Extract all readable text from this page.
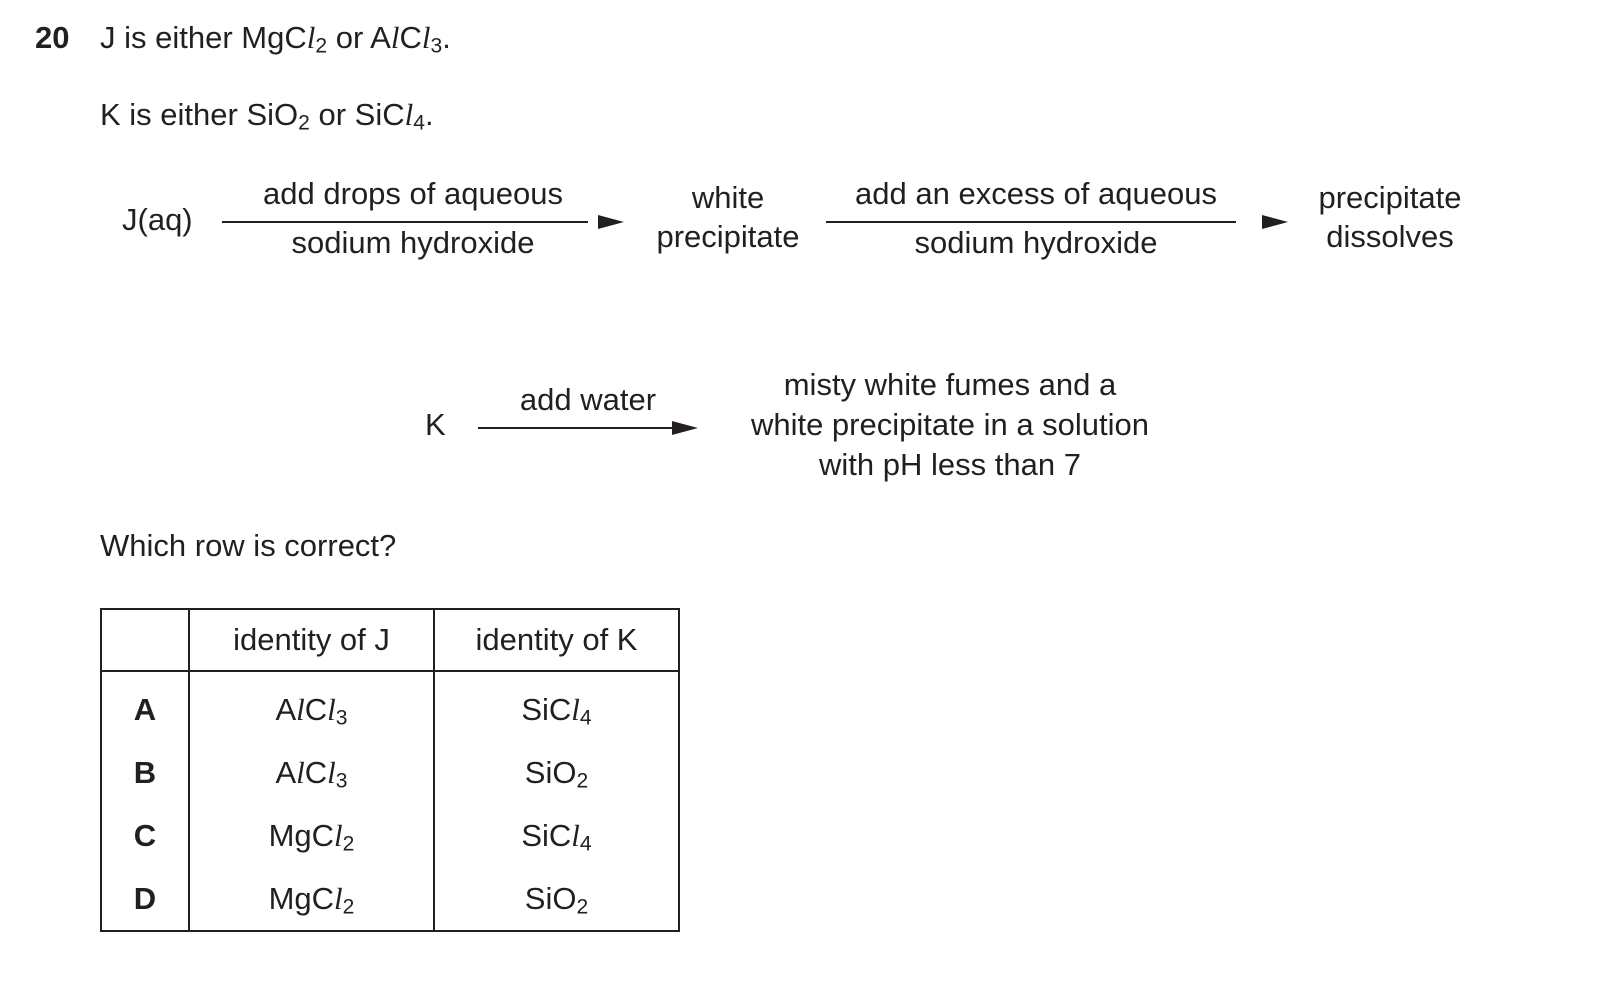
20 J is either MgCl$_2$ or AlCl$_3$.
K is either SiO$_2$ or SiCl$_4$.
J(aq)
add drops of aqueous
sodium hydroxide
white
precipitate
add an excess of aqueous
sodium hydroxide
precipitate
dissolves
K
add water	misty white fumes and a
white precipitate in a solution
with pH less than 7
Which row is correct?
	identity of J	identity of K
A	AlCl$_3$	SiCl$_4$
B	AlCl$_3$	SiO$_2$
C	MgCl$_2$	SiCl$_4$
D	MgCl$_2$	SiO$_2$
